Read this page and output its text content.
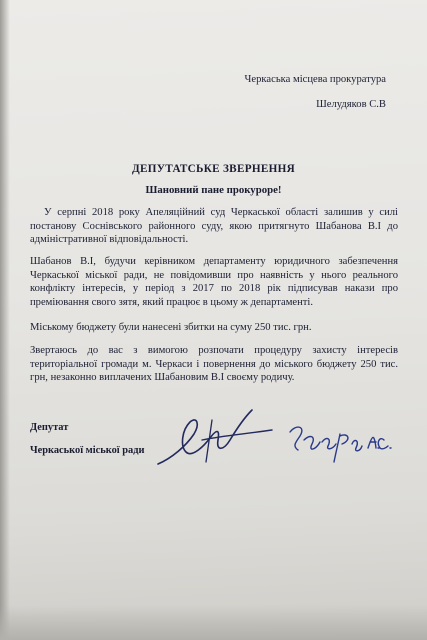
Черкаська місцева прокуратура
Шелудяков С.В
ДЕПУТАТСЬКЕ ЗВЕРНЕННЯ
Шановний пане прокуроре!
У серпні 2018 року Апеляційний суд Черкаської області залишив у силі постанову Соснівського районного суду, якою притягнуто Шабанова В.І до адміністративної відповідальності.
Шабанов В.І, будучи керівником департаменту юридичного забезпечення Черкаської міської ради, не повідомивши про наявність у нього реального конфлікту інтересів, у період з 2017 по 2018 рік підписував накази про преміювання свого зятя, який працює в цьому ж департаменті.
Міському бюджету були нанесені збитки на суму 250 тис. грн.
Звертаюсь до вас з вимогою розпочати процедуру захисту інтересів територіальної громади м. Черкаси і повернення до міського бюджету 250 тис. грн, незаконно виплачених Шабановим В.І своєму родичу.
Депутат
Черкаської міської ради
